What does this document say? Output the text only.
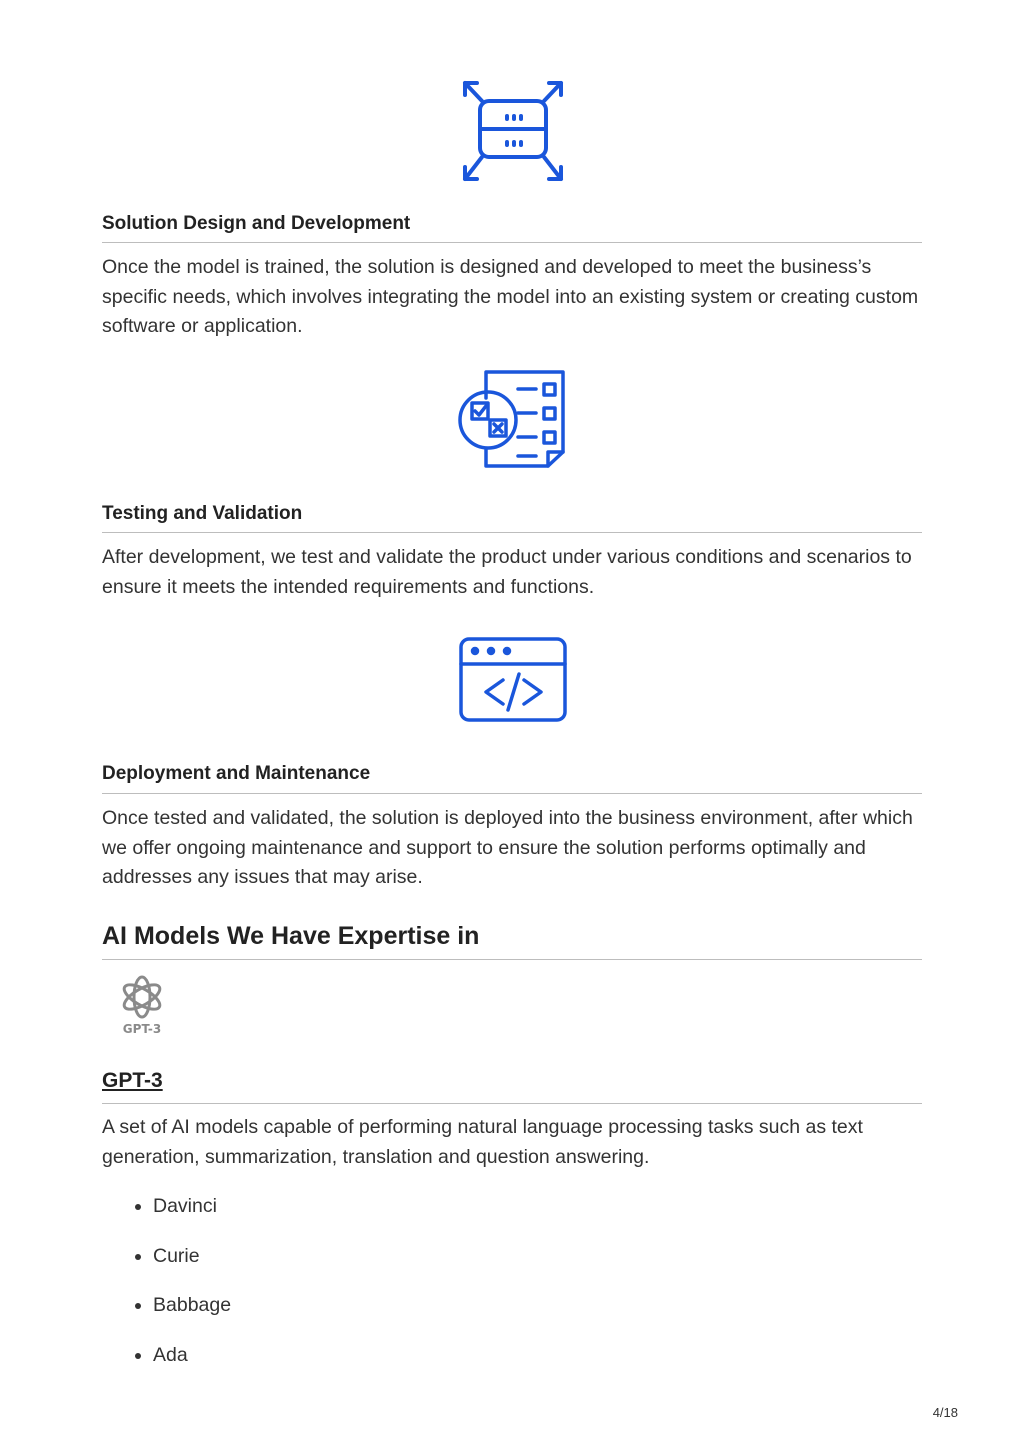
Solution Design and Development

Once the model is trained, the solution is designed and developed to meet the business’s specific needs, which involves integrating the model into an existing system or creating custom software or application.

Testing and Validation

After development, we test and validate the product under various conditions and scenarios to ensure it meets the intended requirements and functions.

Deployment and Maintenance

Once tested and validated, the solution is deployed into the business environment, after which we offer ongoing maintenance and support to ensure the solution performs optimally and addresses any issues that may arise.

AI Models We Have Expertise in
GPT-3
GPT-3

A set of AI models capable of performing natural language processing tasks such as text generation, summarization, translation and question answering.

Davinci
Curie
Babbage
Ada
4/18
